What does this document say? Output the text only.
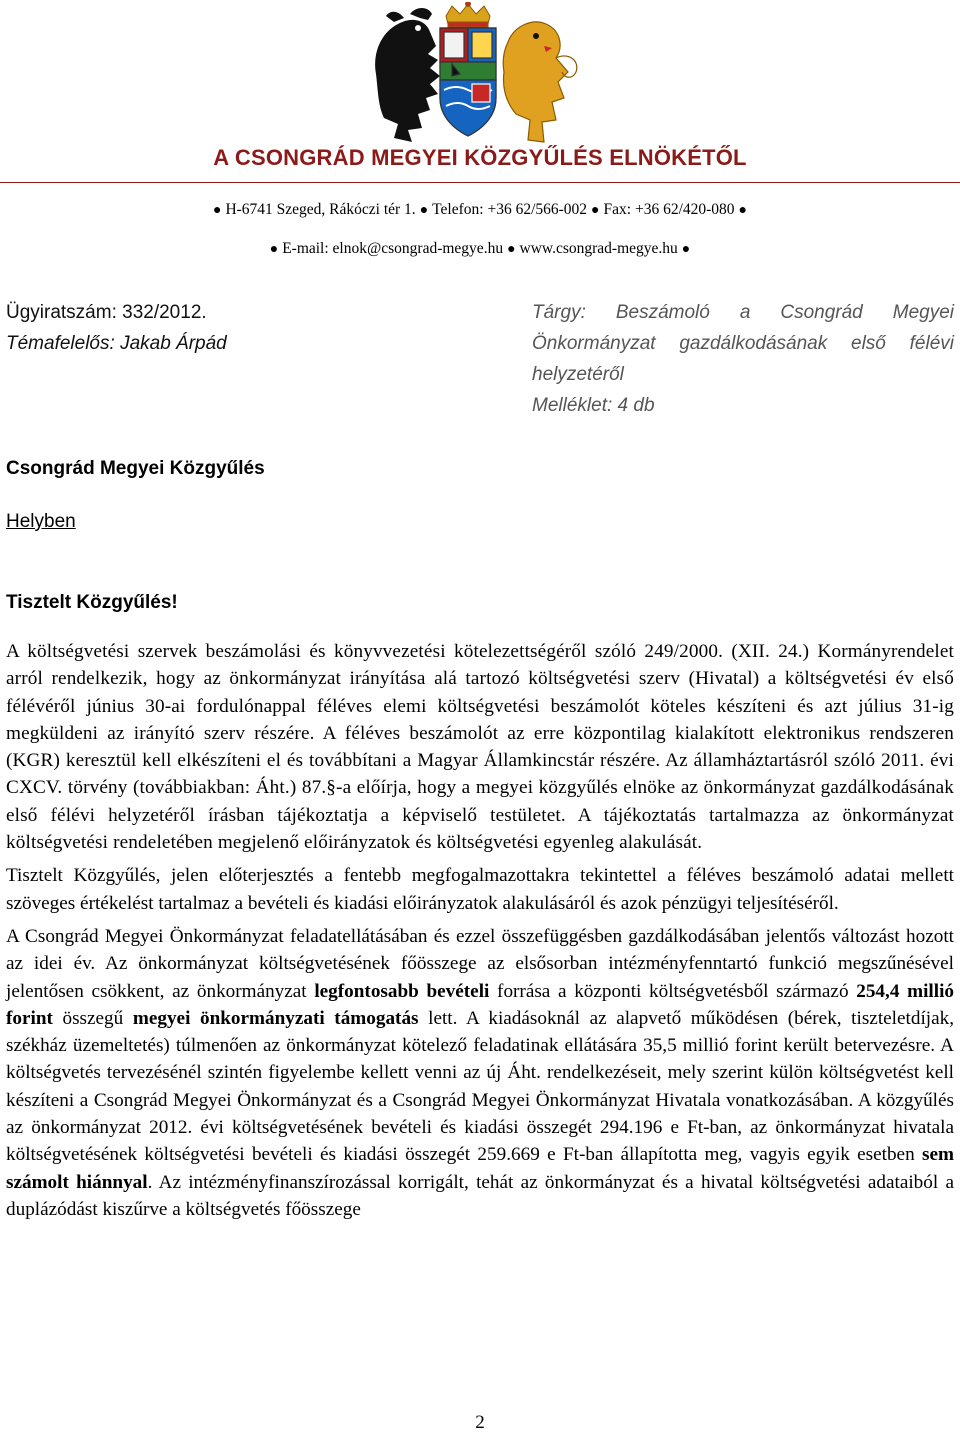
A CSONGRÁD MEGYEI KÖZGYŰLÉS ELNÖKÉTŐL
● H-6741 Szeged, Rákóczi tér 1. ● Telefon: +36 62/566-002 ● Fax: +36 62/420-080 ●
● E-mail: elnok@csongrad-megye.hu ● www.csongrad-megye.hu ●
Ügyiratszám: 332/2012.
Témafelelős: Jakab Árpád
Tárgy: Beszámoló a Csongrád Megyei Önkormányzat gazdálkodásának első félévi helyzetéről
Melléklet: 4 db
Csongrád Megyei Közgyűlés
Helyben
Tisztelt Közgyűlés!

A költségvetési szervek beszámolási és könyvvezetési kötelezettségéről szóló 249/2000. (XII. 24.) Kormányrendelet arról rendelkezik, hogy az önkormányzat irányítása alá tartozó költségvetési szerv (Hivatal) a költségvetési év első félévéről június 30-ai fordulónappal féléves elemi költségvetési beszámolót köteles készíteni és azt július 31-ig megküldeni az irányító szerv részére. A féléves beszámolót az erre központilag kialakított elektronikus rendszeren (KGR) keresztül kell elkészíteni el és továbbítani a Magyar Államkincstár részére. Az államháztartásról szóló 2011. évi CXCV. törvény (továbbiakban: Áht.) 87.§-a előírja, hogy a megyei közgyűlés elnöke az önkormányzat gazdálkodásának első félévi helyzetéről írásban tájékoztatja a képviselő testületet. A tájékoztatás tartalmazza az önkormányzat költségvetési rendeletében megjelenő előirányzatok és költségvetési egyenleg alakulását.

Tisztelt Közgyűlés, jelen előterjesztés a fentebb megfogalmazottakra tekintettel a féléves beszámoló adatai mellett szöveges értékelést tartalmaz a bevételi és kiadási előirányzatok alakulásáról és azok pénzügyi teljesítéséről.

A Csongrád Megyei Önkormányzat feladatellátásában és ezzel összefüggésben gazdálkodásában jelentős változást hozott az idei év. Az önkormányzat költségvetésének főösszege az elsősorban intézményfenntartó funkció megszűnésével jelentősen csökkent, az önkormányzat legfontosabb bevételi forrása a központi költségvetésből származó 254,4 millió forint összegű megyei önkormányzati támogatás lett. A kiadásoknál az alapvető működésen (bérek, tiszteletdíjak, székház üzemeltetés) túlmenően az önkormányzat kötelező feladatinak ellátására 35,5 millió forint került betervezésre. A költségvetés tervezésénél szintén figyelembe kellett venni az új Áht. rendelkezéseit, mely szerint külön költségvetést kell készíteni a Csongrád Megyei Önkormányzat és a Csongrád Megyei Önkormányzat Hivatala vonatkozásában. A közgyűlés az önkormányzat 2012. évi költségvetésének bevételi és kiadási összegét 294.196 e Ft-ban, az önkormányzat hivatala költségvetésének költségvetési bevételi és kiadási összegét 259.669 e Ft-ban állapította meg, vagyis egyik esetben sem számolt hiánnyal. Az intézményfinanszírozással korrigált, tehát az önkormányzat és a hivatal költségvetési adataiból a duplázódást kiszűrve a költségvetés főösszege

2
